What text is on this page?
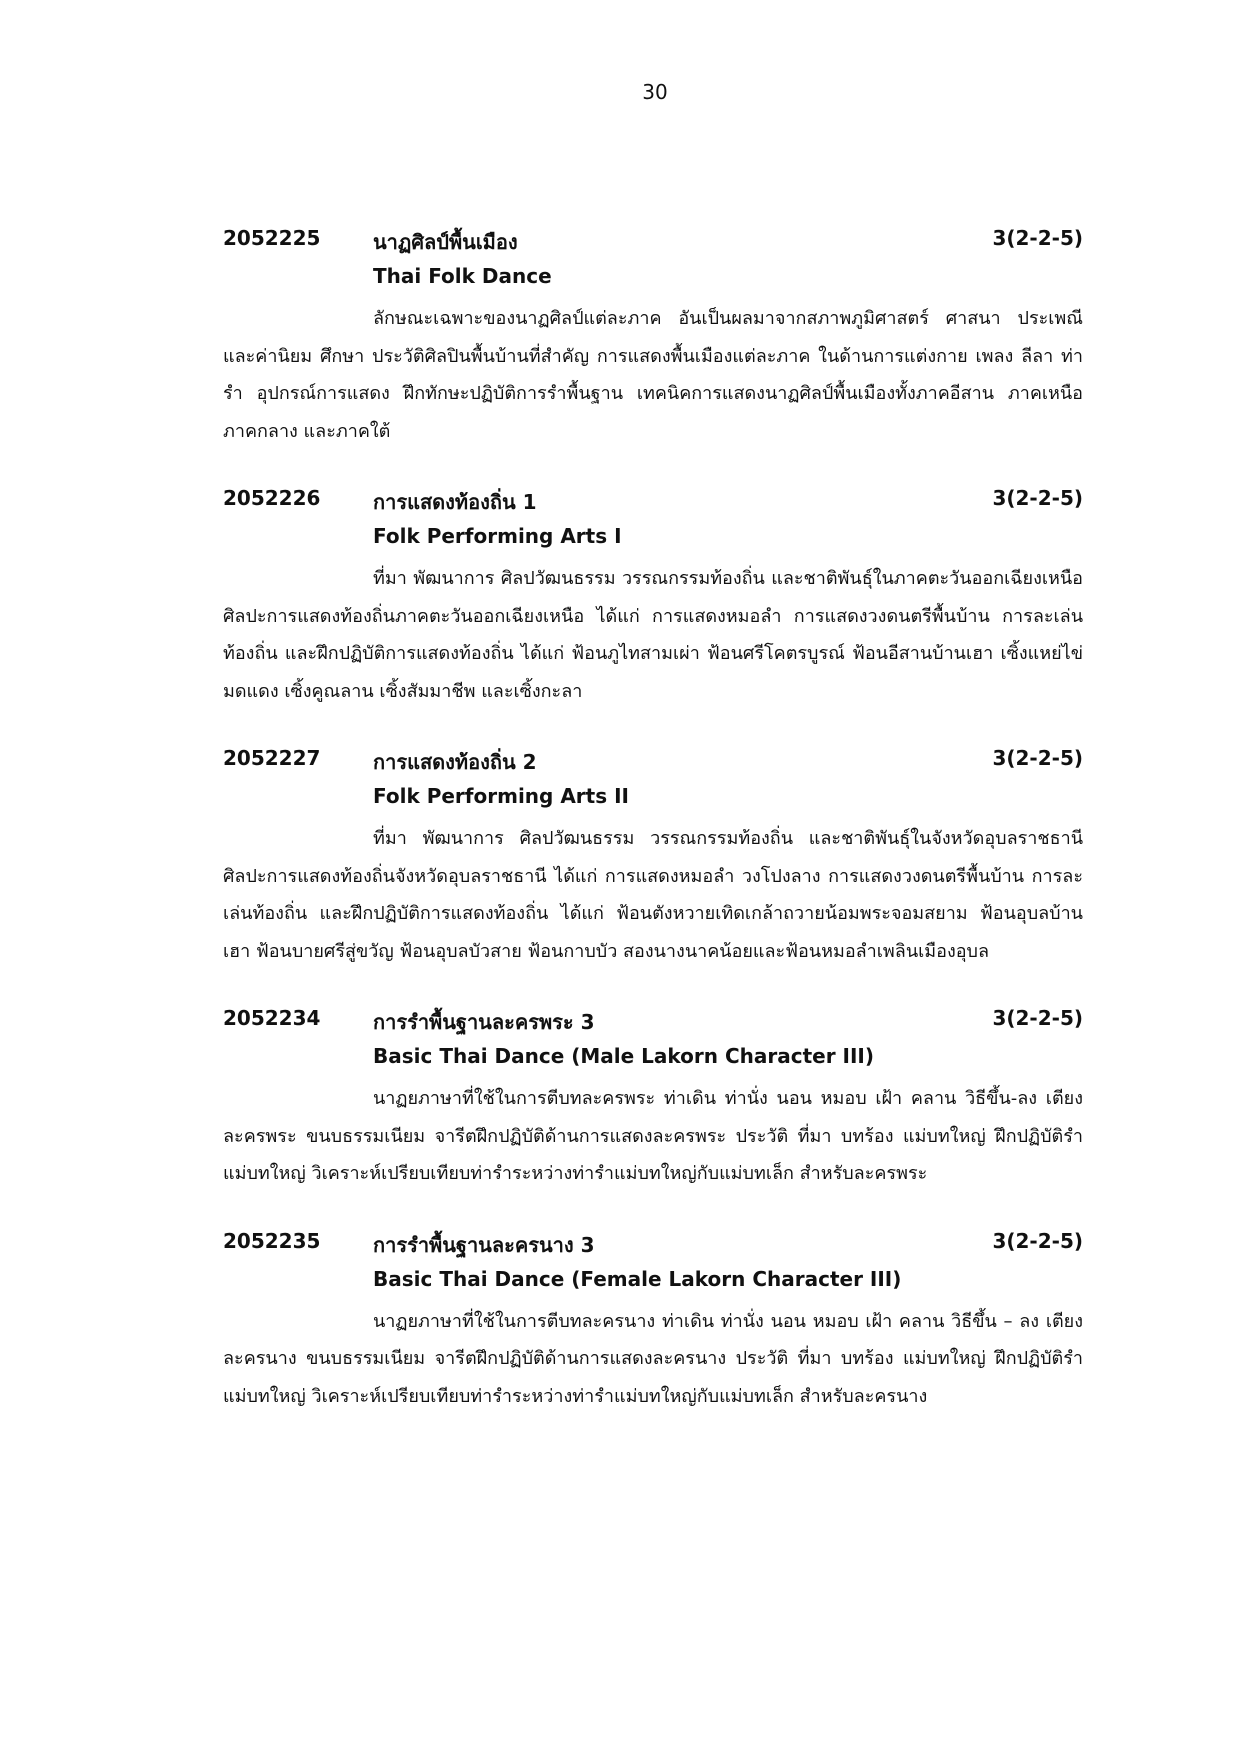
30
2052225	นาฏศิลป์พื้นเมือง	3(2-2-5)
Thai Folk Dance

ลักษณะเฉพาะของนาฏศิลป์แต่ละภาค อันเป็นผลมาจากสภาพภูมิศาสตร์ ศาสนา ประเพณี และค่านิยม ศึกษา ประวัติศิลปินพื้นบ้านที่สำคัญ การแสดงพื้นเมืองแต่ละภาค ในด้านการแต่งกาย เพลง ลีลา ท่ารำ อุปกรณ์การแสดง ฝึกทักษะปฏิบัติการรำพื้นฐาน เทคนิคการแสดงนาฏศิลป์พื้นเมืองทั้งภาคอีสาน ภาคเหนือ ภาคกลาง และภาคใต้

2052226	การแสดงท้องถิ่น 1	3(2-2-5)
Folk Performing Arts I

ที่มา พัฒนาการ ศิลปวัฒนธรรม วรรณกรรมท้องถิ่น และชาติพันธุ์ในภาคตะวันออกเฉียงเหนือ ศิลปะการแสดงท้องถิ่นภาคตะวันออกเฉียงเหนือ ได้แก่ การแสดงหมอลำ การแสดงวงดนตรีพื้นบ้าน การละเล่นท้องถิ่น และฝึกปฏิบัติการแสดงท้องถิ่น ได้แก่ ฟ้อนภูไทสามเผ่า ฟ้อนศรีโคตรบูรณ์ ฟ้อนอีสานบ้านเฮา เซิ้งแหย่ไข่มดแดง เซิ้งคูณลาน เซิ้งสัมมาชีพ และเซิ้งกะลา

2052227	การแสดงท้องถิ่น 2	3(2-2-5)
Folk Performing Arts II

ที่มา พัฒนาการ ศิลปวัฒนธรรม วรรณกรรมท้องถิ่น และชาติพันธุ์ในจังหวัดอุบลราชธานี ศิลปะการแสดงท้องถิ่นจังหวัดอุบลราชธานี ได้แก่ การแสดงหมอลำ วงโปงลาง การแสดงวงดนตรีพื้นบ้าน การละเล่นท้องถิ่น และฝึกปฏิบัติการแสดงท้องถิ่น ได้แก่ ฟ้อนตังหวายเทิดเกล้าถวายน้อมพระจอมสยาม ฟ้อนอุบลบ้านเฮา ฟ้อนบายศรีสู่ขวัญ ฟ้อนอุบลบัวสาย ฟ้อนกาบบัว สองนางนาคน้อยและฟ้อนหมอลำเพลินเมืองอุบล

2052234	การรำพื้นฐานละครพระ 3	3(2-2-5)
Basic Thai Dance (Male Lakorn Character III)

นาฏยภาษาที่ใช้ในการตีบทละครพระ ท่าเดิน ท่านั่ง นอน หมอบ เฝ้า คลาน วิธีขึ้น-ลง เตียงละครพระ ขนบธรรมเนียม จารีตฝึกปฏิบัติด้านการแสดงละครพระ ประวัติ ที่มา บทร้อง แม่บทใหญ่ ฝึกปฏิบัติรำแม่บทใหญ่ วิเคราะห์เปรียบเทียบท่ารำระหว่างท่ารำแม่บทใหญ่กับแม่บทเล็ก สำหรับละครพระ

2052235	การรำพื้นฐานละครนาง 3	3(2-2-5)
Basic Thai Dance (Female Lakorn Character III)

นาฏยภาษาที่ใช้ในการตีบทละครนาง ท่าเดิน ท่านั่ง นอน หมอบ เฝ้า คลาน วิธีขึ้น – ลง เตียงละครนาง ขนบธรรมเนียม จารีตฝึกปฏิบัติด้านการแสดงละครนาง ประวัติ ที่มา บทร้อง แม่บทใหญ่ ฝึกปฏิบัติรำแม่บทใหญ่ วิเคราะห์เปรียบเทียบท่ารำระหว่างท่ารำแม่บทใหญ่กับแม่บทเล็ก สำหรับละครนาง
